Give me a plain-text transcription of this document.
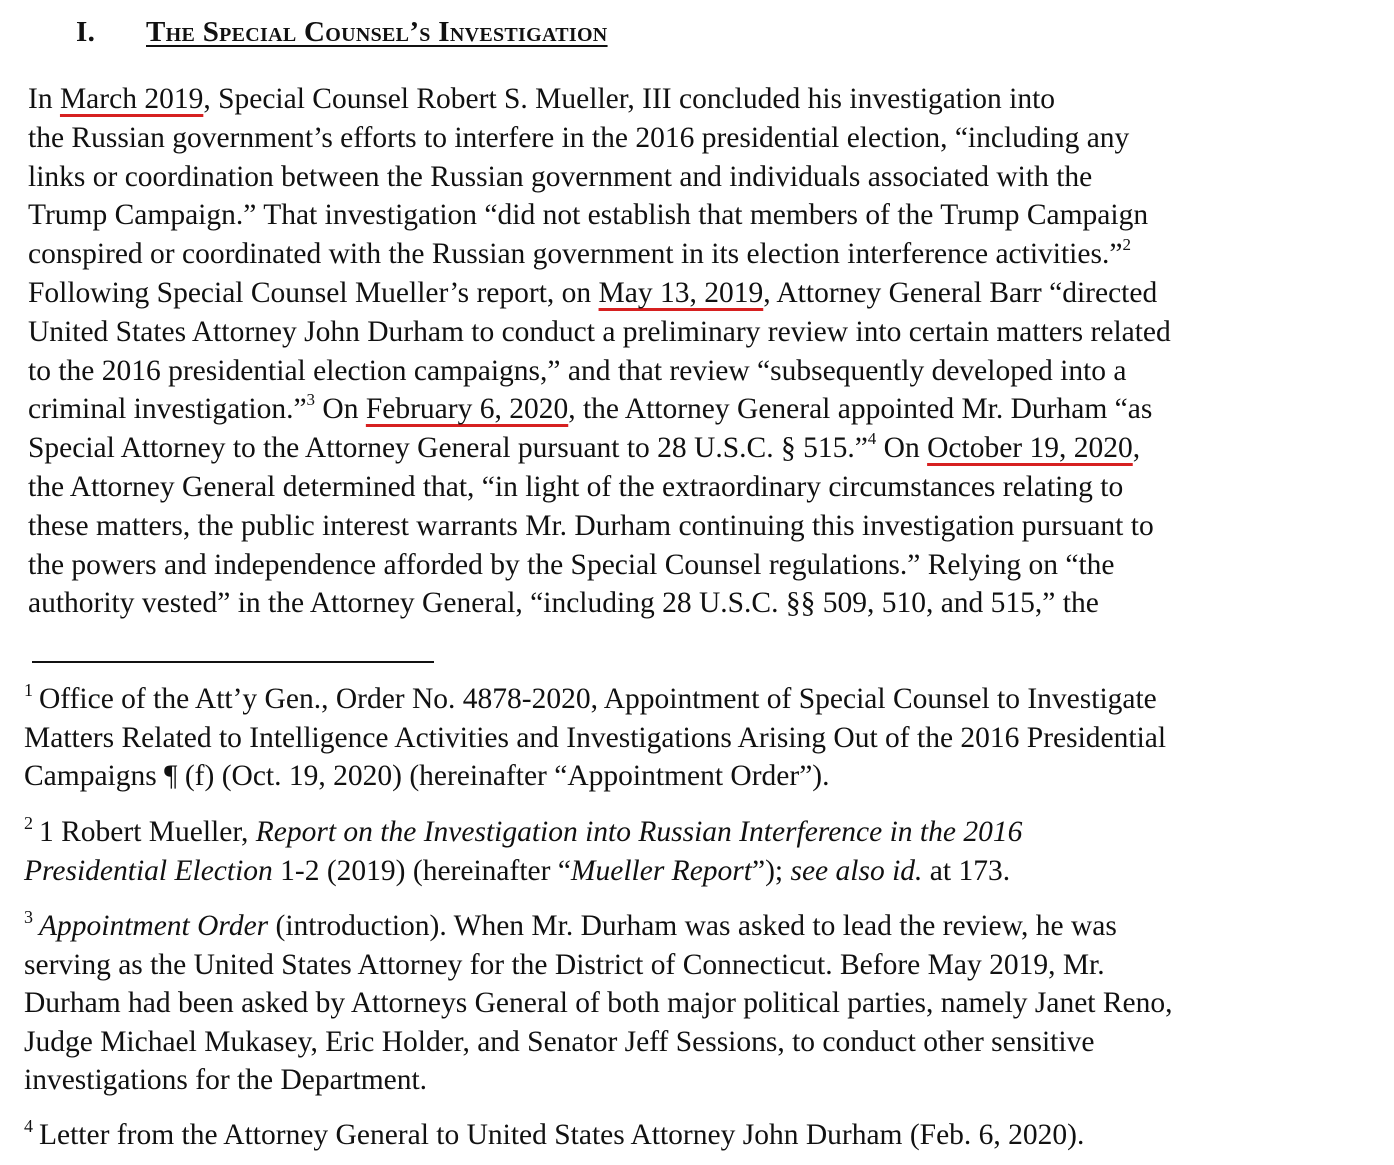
I. The Special Counsel’s Investigation
In March 2019, Special Counsel Robert S. Mueller, III concluded his investigation into
the Russian government’s efforts to interfere in the 2016 presidential election, “including any
links or coordination between the Russian government and individuals associated with the
Trump Campaign.” That investigation “did not establish that members of the Trump Campaign
conspired or coordinated with the Russian government in its election interference activities.”$^2$
Following Special Counsel Mueller’s report, on May 13, 2019, Attorney General Barr “directed
United States Attorney John Durham to conduct a preliminary review into certain matters related
to the 2016 presidential election campaigns,” and that review “subsequently developed into a
criminal investigation.”$^3$ On February 6, 2020, the Attorney General appointed Mr. Durham “as
Special Attorney to the Attorney General pursuant to 28 U.S.C. § 515.”$^4$ On October 19, 2020,
the Attorney General determined that, “in light of the extraordinary circumstances relating to
these matters, the public interest warrants Mr. Durham continuing this investigation pursuant to
the powers and independence afforded by the Special Counsel regulations.” Relying on “the
authority vested” in the Attorney General, “including 28 U.S.C. §§ 509, 510, and 515,” the
$^1$ Office of the Att’y Gen., Order No. 4878-2020, Appointment of Special Counsel to Investigate
Matters Related to Intelligence Activities and Investigations Arising Out of the 2016 Presidential
Campaigns ¶ (f) (Oct. 19, 2020) (hereinafter “Appointment Order”).
$^2$ 1 Robert Mueller, Report on the Investigation into Russian Interference in the 2016
Presidential Election 1-2 (2019) (hereinafter “Mueller Report”); see also id. at 173.
$^3$ Appointment Order (introduction). When Mr. Durham was asked to lead the review, he was
serving as the United States Attorney for the District of Connecticut. Before May 2019, Mr.
Durham had been asked by Attorneys General of both major political parties, namely Janet Reno,
Judge Michael Mukasey, Eric Holder, and Senator Jeff Sessions, to conduct other sensitive
investigations for the Department.
$^4$ Letter from the Attorney General to United States Attorney John Durham (Feb. 6, 2020).
